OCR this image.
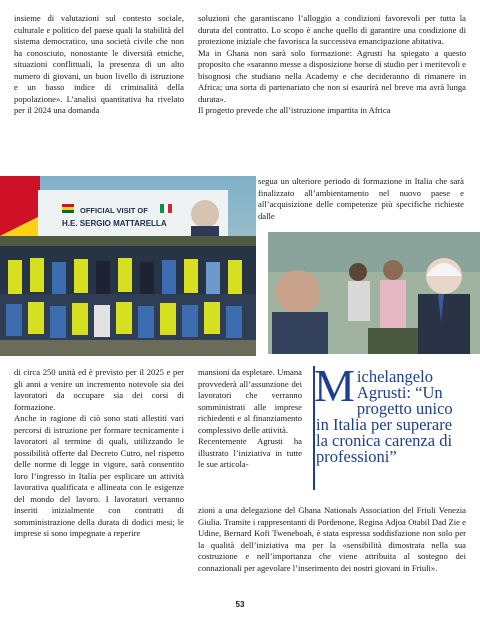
insieme di valutazioni sul contesto sociale, culturale e politico del paese quali la stabilità del sistema democratico, una società civile che non ha conosciuto, nonostante le diversità etniche, situazioni conflittuali, la presenza di un alto numero di giovani, un buon livello di istruzione e un basso indice di criminalità della popolazione». L’analisi quantitativa ha rivelato per il 2024 una domanda

soluzioni che garantiscano l’alloggio a condizioni favorevoli per tutta la durata del contratto. Lo scopo è anche quello di garantire una condizione di protezione iniziale che favorisca la successiva emancipazione abitativa.

Ma in Ghana non sarà solo formazione: Agrusti ha spiegato a questo proposito che «saranno messe a disposizione borse di studio per i meritevoli e bisognosi che studiano nella Academy e che decideranno di rimanere in Africa; una sorta di partenariato che non si esaurirà nel breve ma avrà lunga durata».

Il progetto prevede che all’istruzione impartita in Africa

segua un ulteriore periodo di formazione in Italia che sarà finalizzato all’ambientamento nel nuovo paese e all’acquisizione delle competenze più specifiche richieste dalle

OFFICIAL VISIT OF
H.E. SERGIO MATTARELLA

di circa 250 unità ed è previsto per il 2025 e per gli anni a venire un incremento notevole sia dei lavoratori da occupare sia dei corsi di formazione.

Anche in ragione di ciò sono stati allestiti vari percorsi di istruzione per formare tecnicamente i lavoratori al termine di quali, utilizzando le possibilità offerte dal Decreto Cutro, nel rispetto delle norme di legge in vigore, sarà consentito loro l’ingresso in Italia per esplicare un attività lavorativa qualificata e allineata con le esigenze del mondo del lavoro. I lavoratori verranno inseriti inizialmente con contratti di somministrazione della durata di dodici mesi; le imprese si sono impegnate a reperire

mansioni da espletare. Umana provvederà all’assunzione dei lavoratori che verranno somministrati alle imprese richiedenti e al finanziamento complessivo delle attività.

Recentemente Agrusti ha illustrato l’iniziativa in tutte le sue articola-

Michelangelo Agrusti: “Un progetto unico in Italia per superare la cronica carenza di professioni”

zioni a una delegazione del Ghana Nationals Association del Friuli Venezia Giulia. Tramite i rappresentanti di Pordenone, Regina Adjoa Otabil Dad Zie e Udine, Bernard Kofi Tweneboah, è stata espressa soddisfazione non solo per la qualità dell’iniziativa ma per la «sensibilità dimostrata nella sua costruzione e nell’importanza che viene attribuita al sostegno dei connazionali per agevolare l’inserimento dei nostri giovani in Friuli».

53
